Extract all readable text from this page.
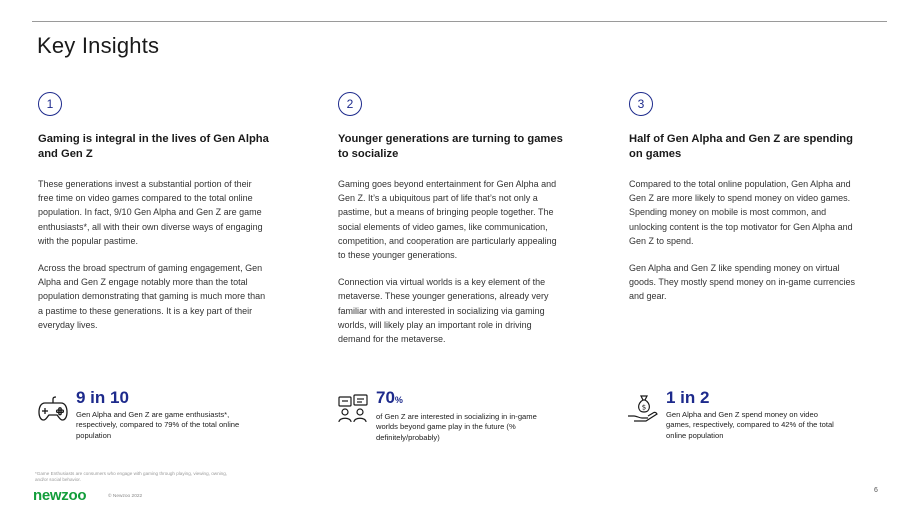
Key Insights
1
Gaming is integral in the lives of Gen Alpha and Gen Z

These generations invest a substantial portion of their free time on video games compared to the total online population. In fact, 9/10 Gen Alpha and Gen Z are game enthusiasts*, all with their own diverse ways of engaging with the popular pastime.

Across the broad spectrum of gaming engagement, Gen Alpha and Gen Z engage notably more than the total population demonstrating that gaming is much more than a pastime to these generations. It is a key part of their everyday lives.

2
Younger generations are turning to games to socialize

Gaming goes beyond entertainment for Gen Alpha and Gen Z. It’s a ubiquitous part of life that’s not only a pastime, but a means of bringing people together. The social elements of video games, like communication, competition, and cooperation are particularly appealing to these younger generations.

Connection via virtual worlds is a key element of the metaverse. These younger generations, already very familiar with and interested in socializing via gaming worlds, will likely play an important role in driving demand for the metaverse.

3
Half of Gen Alpha and Gen Z are spending on games

Compared to the total online population, Gen Alpha and Gen Z are more likely to spend money on video games. Spending money on mobile is most common, and unlocking content is the top motivator for Gen Alpha and Gen Z to spend.

Gen Alpha and Gen Z like spending money on virtual goods. They mostly spend money on in-game currencies and gear.

9 in 10
Gen Alpha and Gen Z are game enthusiasts*, respectively, compared to 79% of the total online population
70%
of Gen Z are interested in socializing in in-game worlds beyond game play in the future (% definitely/probably)
$
1 in 2
Gen Alpha and Gen Z spend money on video games, respectively, compared to 42% of the total online population
*Game Enthusiasts are consumers who engage with gaming through playing, viewing, owning, and/or social behavior.
newzoo	© Newzoo 2022
6
